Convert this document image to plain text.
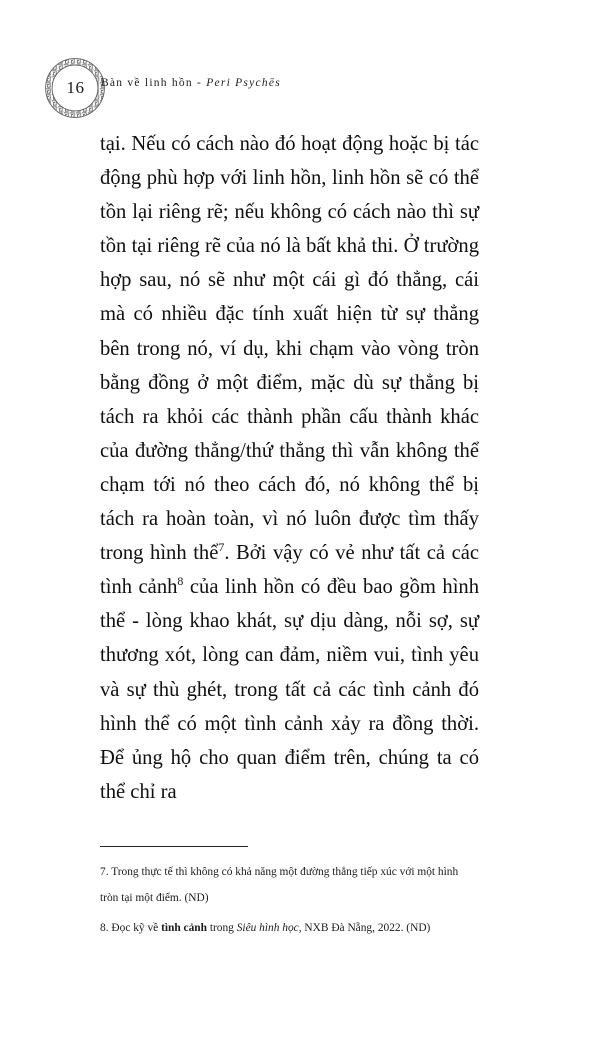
16	Bàn về linh hồn - Peri Psychēs

tại. Nếu có cách nào đó hoạt động hoặc bị tác động phù hợp với linh hồn, linh hồn sẽ có thể tồn lại riêng rẽ; nếu không có cách nào thì sự tồn tại riêng rẽ của nó là bất khả thi. Ở trường hợp sau, nó sẽ như một cái gì đó thẳng, cái mà có nhiều đặc tính xuất hiện từ sự thẳng bên trong nó, ví dụ, khi chạm vào vòng tròn bằng đồng ở một điểm, mặc dù sự thẳng bị tách ra khỏi các thành phần cấu thành khác của đường thẳng/thứ thẳng thì vẫn không thể chạm tới nó theo cách đó, nó không thể bị tách ra hoàn toàn, vì nó luôn được tìm thấy trong hình thể$^7$. Bởi vậy có vẻ như tất cả các tình cảnh$^8$ của linh hồn có đều bao gồm hình thể - lòng khao khát, sự dịu dàng, nỗi sợ, sự thương xót, lòng can đảm, niềm vui, tình yêu và sự thù ghét, trong tất cả các tình cảnh đó hình thể có một tình cảnh xảy ra đồng thời. Để ủng hộ cho quan điểm trên, chúng ta có thể chỉ ra

7. Trong thực tế thì không có khả năng một đường thẳng tiếp xúc với một hình tròn tại một điểm. (ND)
8. Đọc kỹ về tình cảnh trong Siêu hình học, NXB Đà Nẵng, 2022. (ND)
